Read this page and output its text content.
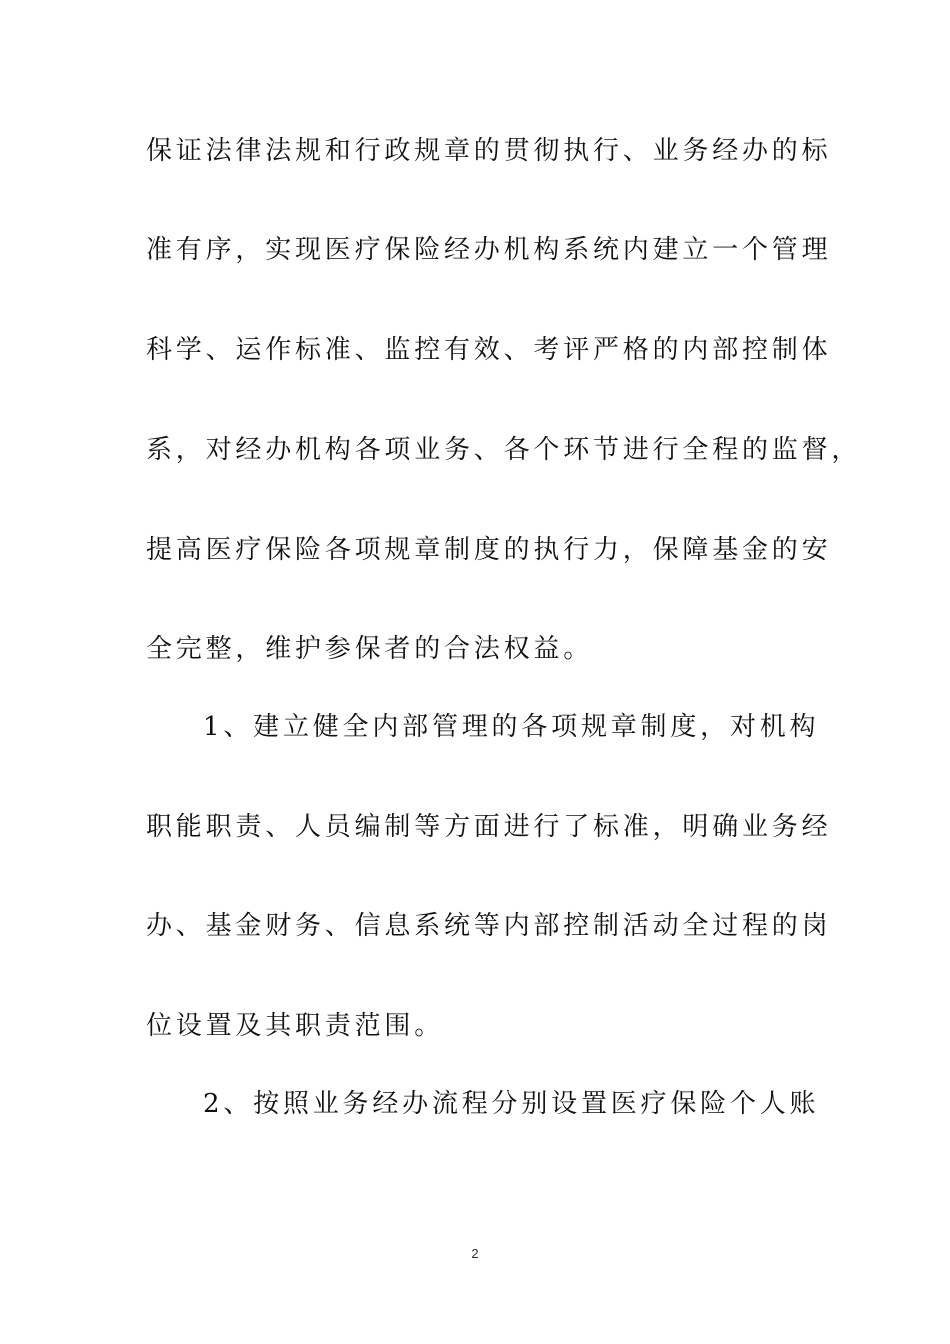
保证法律法规和行政规章的贯彻执行、业务经办的标
准有序，实现医疗保险经办机构系统内建立一个管理
科学、运作标准、监控有效、考评严格的内部控制体
系，对经办机构各项业务、各个环节进行全程的监督，
提高医疗保险各项规章制度的执行力，保障基金的安
全完整，维护参保者的合法权益。
1、建立健全内部管理的各项规章制度，对机构
职能职责、人员编制等方面进行了标准，明确业务经
办、基金财务、信息系统等内部控制活动全过程的岗
位设置及其职责范围。
2、按照业务经办流程分别设置医疗保险个人账
2
